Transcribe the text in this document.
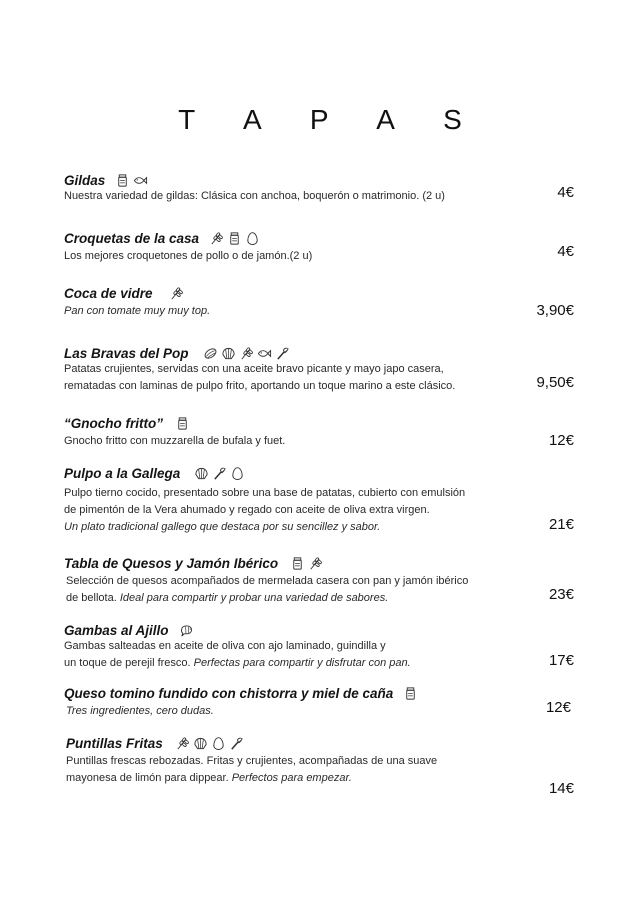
T A P A S
Gildas
Nuestra variedad de gildas: Clásica con anchoa, boquerón o matrimonio. (2 u)	4€
Croquetas de la casa
Los mejores croquetones de pollo o de jamón.(2 u)	4€
Coca de vidre
Pan con tomate muy muy top.	3,90€
Las Bravas del Pop
Patatas crujientes, servidas con una aceite bravo picante y mayo japo casera,
rematadas con laminas de pulpo frito, aportando un toque marino a este clásico.	9,50€
“Gnocho fritto”
Gnocho fritto con muzzarella de bufala y fuet.	12€
Pulpo a la Gallega
Pulpo tierno cocido, presentado sobre una base de patatas, cubierto con emulsión
de pimentón de la Vera ahumado y regado con aceite de oliva extra virgen.
Un plato tradicional gallego que destaca por su sencillez y sabor.	21€
Tabla de Quesos y Jamón Ibérico
Selección de quesos acompañados de mermelada casera con pan y jamón ibérico
de bellota. Ideal para compartir y probar una variedad de sabores.	23€
Gambas al Ajillo
Gambas salteadas en aceite de oliva con ajo laminado, guindilla y
un toque de perejil fresco. Perfectas para compartir y disfrutar con pan.	17€
Queso tomino fundido con chistorra y miel de caña
Tres ingredientes, cero dudas.	12€
Puntillas Fritas
Puntillas frescas rebozadas. Fritas y crujientes, acompañadas de una suave
mayonesa de limón para dippear. Perfectos para empezar.
14€
